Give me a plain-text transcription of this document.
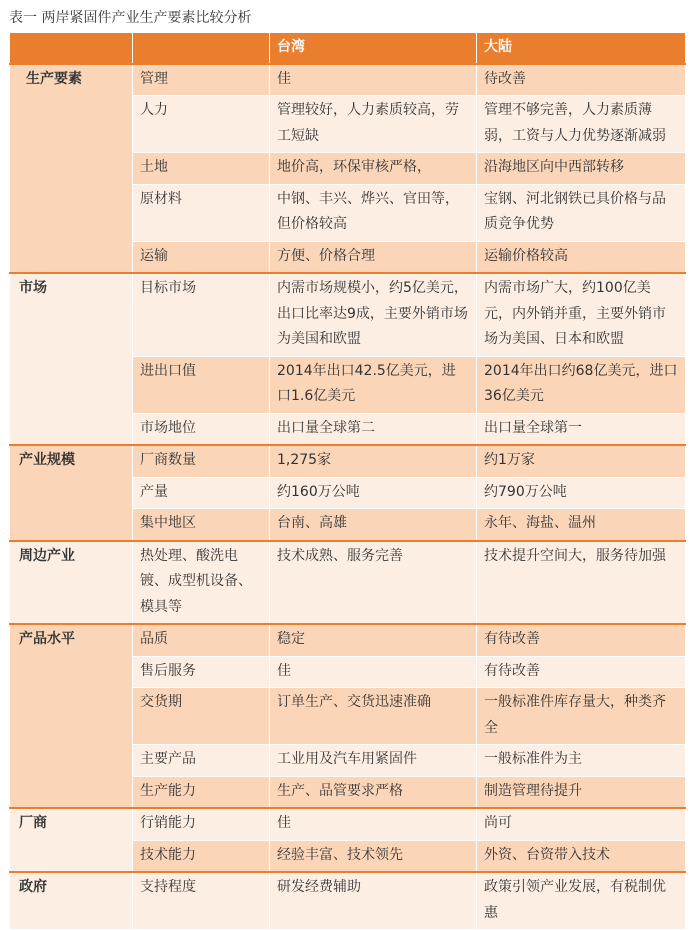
表一 两岸紧固件产业生产要素比较分析
		台湾	大陆
生产要素	管理	佳	待改善
	人力	管理较好，人力素质较高，劳工短缺	管理不够完善，人力素质薄弱，工资与人力优势逐渐减弱
	土地	地价高，环保审核严格，	沿海地区向中西部转移
	原材料	中钢、丰兴、烨兴、官田等，但价格较高	宝钢、河北钢铁已具价格与品质竞争优势
	运输	方便、价格合理	运输价格较高
市场	目标市场	内需市场规模小，约5亿美元，出口比率达9成，主要外销市场为美国和欧盟	内需市场广大，约100亿美元，内外销并重，主要外销市场为美国、日本和欧盟
	进出口值	2014年出口42.5亿美元，进口1.6亿美元	2014年出口约68亿美元，进口36亿美元
	市场地位	出口量全球第二	出口量全球第一
产业规模	厂商数量	1,275家	约1万家
	产量	约160万公吨	约790万公吨
	集中地区	台南、高雄	永年、海盐、温州
周边产业	热处理、酸洗电镀、成型机设备、模具等	技术成熟、服务完善	技术提升空间大，服务待加强
产品水平	品质	稳定	有待改善
	售后服务	佳	有待改善
	交货期	订单生产、交货迅速准确	一般标准件库存量大，种类齐全
	主要产品	工业用及汽车用紧固件	一般标准件为主
	生产能力	生产、品管要求严格	制造管理待提升
厂商	行销能力	佳	尚可
	技术能力	经验丰富、技术领先	外资、台资带入技术
政府	支持程度	研发经费辅助	政策引领产业发展，有税制优惠
